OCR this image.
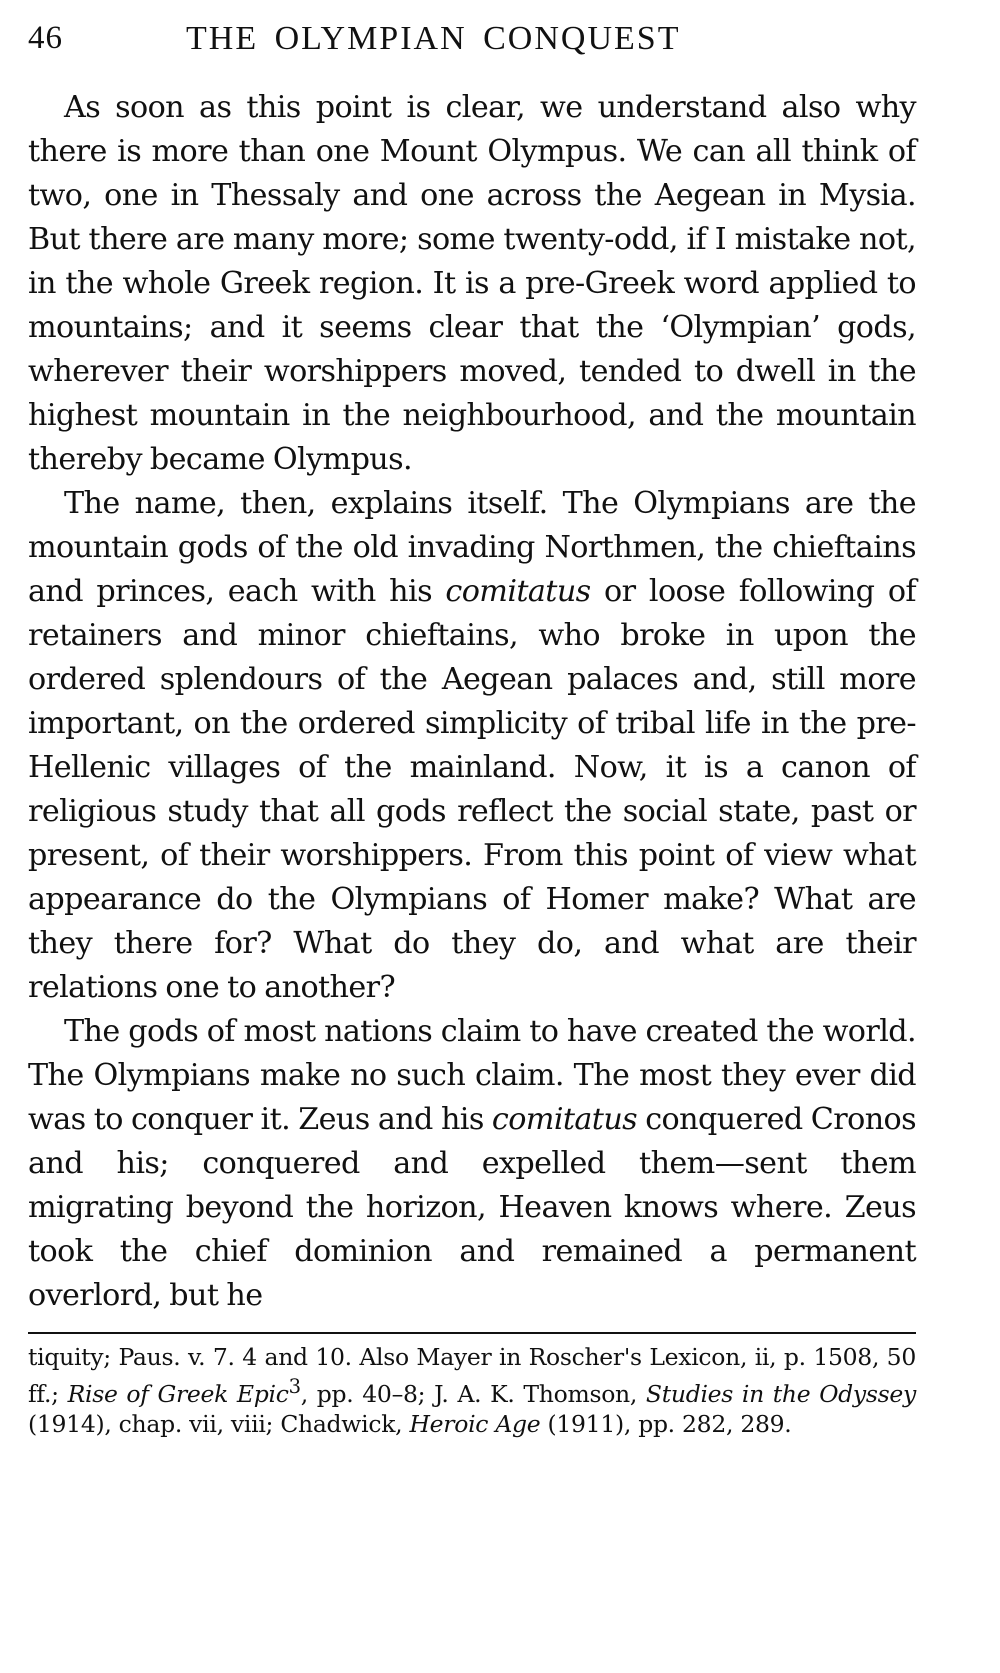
46	THE OLYMPIAN CONQUEST

As soon as this point is clear, we understand also why there is more than one Mount Olympus. We can all think of two, one in Thessaly and one across the Aegean in Mysia. But there are many more; some twenty-odd, if I mistake not, in the whole Greek region. It is a pre-Greek word applied to mountains; and it seems clear that the ‘Olympian’ gods, wherever their worshippers moved, tended to dwell in the highest mountain in the neighbourhood, and the mountain thereby became Olympus.

The name, then, explains itself. The Olympians are the mountain gods of the old invading Northmen, the chieftains and princes, each with his comitatus or loose following of retainers and minor chieftains, who broke in upon the ordered splendours of the Aegean palaces and, still more important, on the ordered simplicity of tribal life in the pre-Hellenic villages of the mainland. Now, it is a canon of religious study that all gods reflect the social state, past or present, of their worshippers. From this point of view what appearance do the Olympians of Homer make? What are they there for? What do they do, and what are their relations one to another?

The gods of most nations claim to have created the world. The Olympians make no such claim. The most they ever did was to conquer it. Zeus and his comitatus conquered Cronos and his; conquered and expelled them—sent them migrating beyond the horizon, Heaven knows where. Zeus took the chief dominion and remained a permanent overlord, but he

tiquity; Paus. v. 7. 4 and 10. Also Mayer in Roscher's Lexicon, ii, p. 1508, 50 ff.; Rise of Greek Epic$^3$, pp. 40–8; J. A. K. Thomson, Studies in the Odyssey (1914), chap. vii, viii; Chadwick, Heroic Age (1911), pp. 282, 289.
